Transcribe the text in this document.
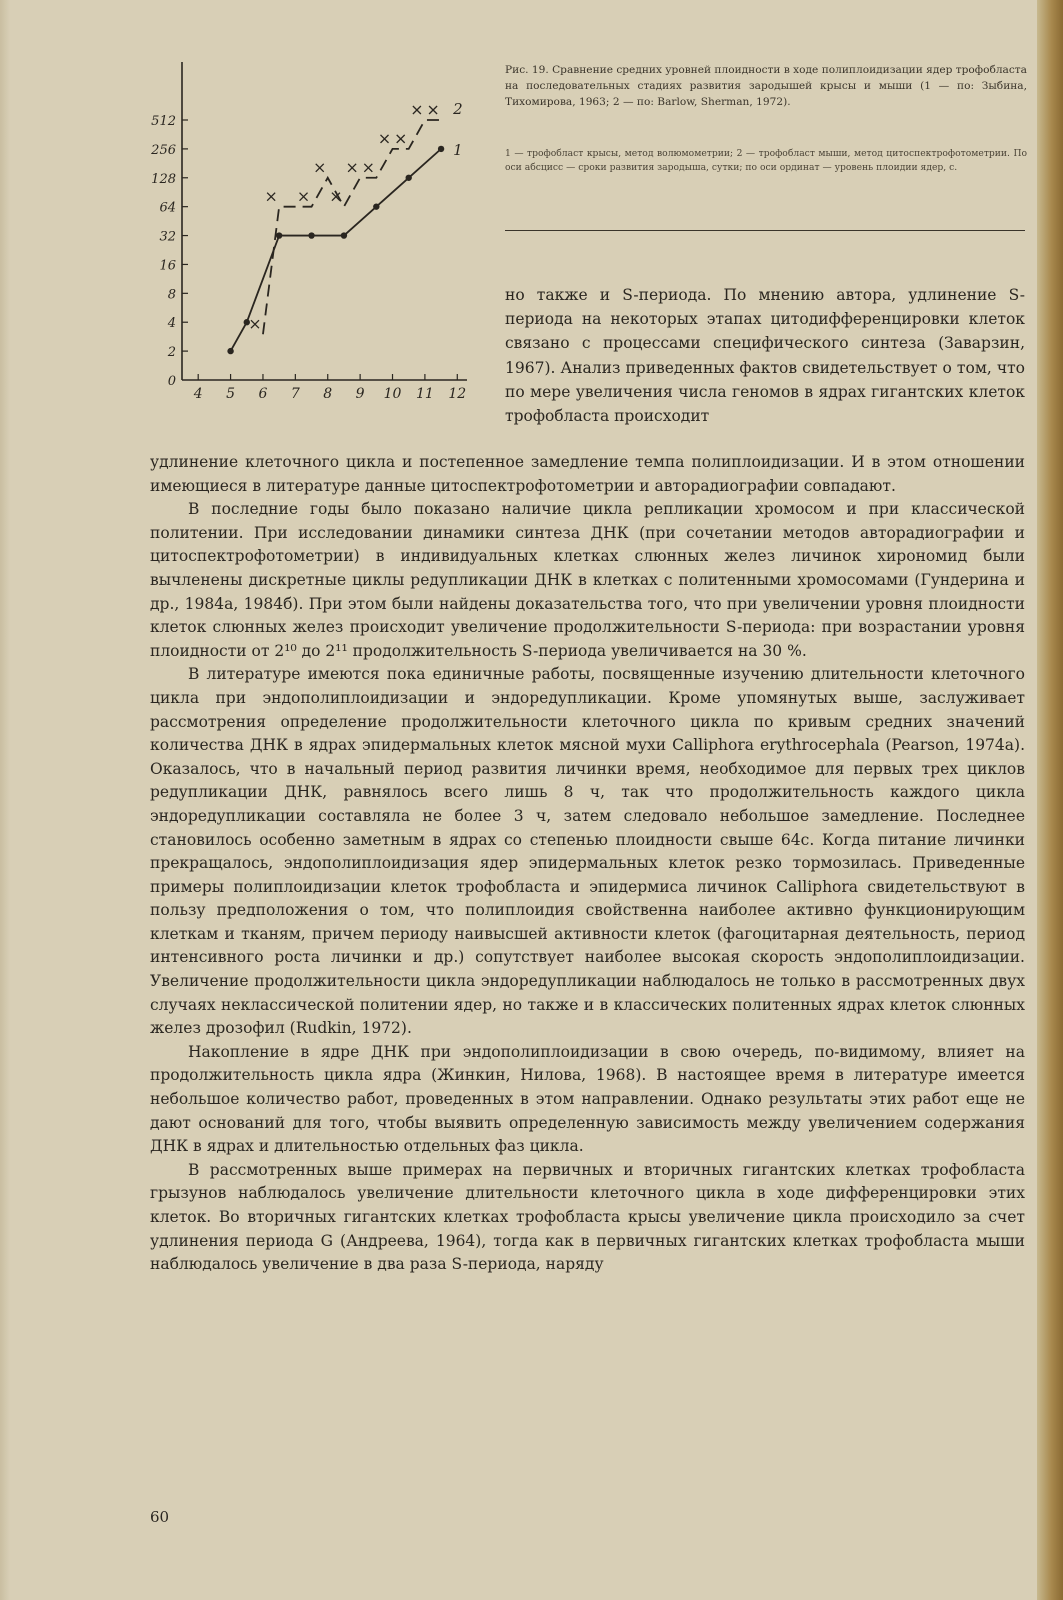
4 5 6 7 8 9 10 11 12
0
2
4
8
16
32
64
128
256
512
1
2
Рис. 19. Сравнение средних уровней плоидности в ходе полиплоидизации ядер трофобласта на последовательных стадиях развития зародышей крысы и мыши (1 — по: Зыбина, Тихомирова, 1963; 2 — по: Barlow, Sherman, 1972).
1 — трофобласт крысы, метод волюмометрии; 2 — трофобласт мыши, метод цитоспектрофотометрии. По оси абсцисс — сроки развития зародыша, сутки; по оси ординат — уровень плоидии ядер, с.
но также и S-периода. По мнению автора, удлинение S-периода на некоторых этапах цитодифференцировки клеток связано с процессами специфического синтеза (Заварзин, 1967). Анализ приведенных фактов свидетельствует о том, что по мере увеличения числа геномов в ядрах гигантских клеток трофобласта происходит

удлинение клеточного цикла и постепенное замедление темпа полиплоидизации. И в этом отношении имеющиеся в литературе данные цитоспектрофотометрии и авторадиографии совпадают.

В последние годы было показано наличие цикла репликации хромосом и при классической политении. При исследовании динамики синтеза ДНК (при сочетании методов авторадиографии и цитоспектрофотометрии) в индивидуальных клетках слюнных желез личинок хирономид были вычленены дискретные циклы редупликации ДНК в клетках с политенными хромосомами (Гундерина и др., 1984а, 1984б). При этом были найдены доказательства того, что при увеличении уровня плоидности клеток слюнных желез происходит увеличение продолжительности S-периода: при возрастании уровня плоидности от 2¹⁰ до 2¹¹ продолжительность S-периода увеличивается на 30 %.

В литературе имеются пока единичные работы, посвященные изучению длительности клеточного цикла при эндополиплоидизации и эндоредупликации. Кроме упомянутых выше, заслуживает рассмотрения определение продолжительности клеточного цикла по кривым средних значений количества ДНК в ядрах эпидермальных клеток мясной мухи Calliphora erythrocephala (Pearson, 1974а). Оказалось, что в начальный период развития личинки время, необходимое для первых трех циклов редупликации ДНК, равнялось всего лишь 8 ч, так что продолжительность каждого цикла эндоредупликации составляла не более 3 ч, затем следовало небольшое замедление. Последнее становилось особенно заметным в ядрах со степенью плоидности свыше 64с. Когда питание личинки прекращалось, эндополиплоидизация ядер эпидермальных клеток резко тормозилась. Приведенные примеры полиплоидизации клеток трофобласта и эпидермиса личинок Calliphora свидетельствуют в пользу предположения о том, что полиплоидия свойственна наиболее активно функционирующим клеткам и тканям, причем периоду наивысшей активности клеток (фагоцитарная деятельность, период интенсивного роста личинки и др.) сопутствует наиболее высокая скорость эндополиплоидизации. Увеличение продолжительности цикла эндоредупликации наблюдалось не только в рассмотренных двух случаях неклассической политении ядер, но также и в классических политенных ядрах клеток слюнных желез дрозофил (Rudkin, 1972).

Накопление в ядре ДНК при эндополиплоидизации в свою очередь, по-видимому, влияет на продолжительность цикла ядра (Жинкин, Нилова, 1968). В настоящее время в литературе имеется небольшое количество работ, проведенных в этом направлении. Однако результаты этих работ еще не дают оснований для того, чтобы выявить определенную зависимость между увеличением содержания ДНК в ядрах и длительностью отдельных фаз цикла.

В рассмотренных выше примерах на первичных и вторичных гигантских клетках трофобласта грызунов наблюдалось увеличение длительности клеточного цикла в ходе дифференцировки этих клеток. Во вторичных гигантских клетках трофобласта крысы увеличение цикла происходило за счет удлинения периода G (Андреева, 1964), тогда как в первичных гигантских клетках трофобласта мыши наблюдалось увеличение в два раза S-периода, наряду

60
